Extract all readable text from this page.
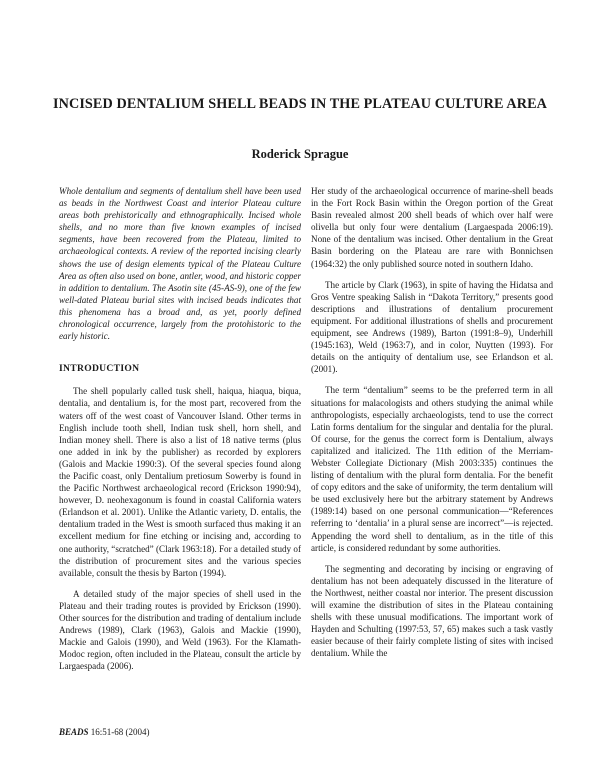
INCISED DENTALIUM SHELL BEADS IN THE PLATEAU CULTURE AREA
Roderick Sprague

Whole dentalium and segments of dentalium shell have been used as beads in the Northwest Coast and interior Plateau culture areas both prehistorically and ethnographically. Incised whole shells, and no more than five known examples of incised segments, have been recovered from the Plateau, limited to archaeological contexts. A review of the reported incising clearly shows the use of design elements typical of the Plateau Culture Area as often also used on bone, antler, wood, and historic copper in addition to dentalium. The Asotin site (45-AS-9), one of the few well-dated Plateau burial sites with incised beads indicates that this phenomena has a broad and, as yet, poorly defined chronological occurrence, largely from the protohistoric to the early historic.

INTRODUCTION

The shell popularly called tusk shell, haiqua, hiaqua, biqua, dentalia, and dentalium is, for the most part, recovered from the waters off of the west coast of Vancouver Island. Other terms in English include tooth shell, Indian tusk shell, horn shell, and Indian money shell. There is also a list of 18 native terms (plus one added in ink by the publisher) as recorded by explorers (Galois and Mackie 1990:3). Of the several species found along the Pacific coast, only Dentalium pretiosum Sowerby is found in the Pacific Northwest archaeological record (Erickson 1990:94), however, D. neohexagonum is found in coastal California waters (Erlandson et al. 2001). Unlike the Atlantic variety, D. entalis, the dentalium traded in the West is smooth surfaced thus making it an excellent medium for fine etching or incising and, according to one authority, “scratched” (Clark 1963:18). For a detailed study of the distribution of procurement sites and the various species available, consult the thesis by Barton (1994).

A detailed study of the major species of shell used in the Plateau and their trading routes is provided by Erickson (1990). Other sources for the distribution and trading of dentalium include Andrews (1989), Clark (1963), Galois and Mackie (1990), Mackie and Galois (1990), and Weld (1963). For the Klamath-Modoc region, often included in the Plateau, consult the article by Largaespada (2006).

Her study of the archaeological occurrence of marine-shell beads in the Fort Rock Basin within the Oregon portion of the Great Basin revealed almost 200 shell beads of which over half were olivella but only four were dentalium (Largaespada 2006:19). None of the dentalium was incised. Other dentalium in the Great Basin bordering on the Plateau are rare with Bonnichsen (1964:32) the only published source noted in southern Idaho.

The article by Clark (1963), in spite of having the Hidatsa and Gros Ventre speaking Salish in “Dakota Territory,” presents good descriptions and illustrations of dentalium procurement equipment. For additional illustrations of shells and procurement equipment, see Andrews (1989), Barton (1991:8–9), Underhill (1945:163), Weld (1963:7), and in color, Nuytten (1993). For details on the antiquity of dentalium use, see Erlandson et al. (2001).

The term “dentalium” seems to be the preferred term in all situations for malacologists and others studying the animal while anthropologists, especially archaeologists, tend to use the correct Latin forms dentalium for the singular and dentalia for the plural. Of course, for the genus the correct form is Dentalium, always capitalized and italicized. The 11th edition of the Merriam-Webster Collegiate Dictionary (Mish 2003:335) continues the listing of dentalium with the plural form dentalia. For the benefit of copy editors and the sake of uniformity, the term dentalium will be used exclusively here but the arbitrary statement by Andrews (1989:14) based on one personal communication—“References referring to ‘dentalia’ in a plural sense are incorrect”—is rejected. Appending the word shell to dentalium, as in the title of this article, is considered redundant by some authorities.

The segmenting and decorating by incising or engraving of dentalium has not been adequately discussed in the literature of the Northwest, neither coastal nor interior. The present discussion will examine the distribution of sites in the Plateau containing shells with these unusual modifications. The important work of Hayden and Schulting (1997:53, 57, 65) makes such a task vastly easier because of their fairly complete listing of sites with incised dentalium. While the

BEADS 16:51-68 (2004)
